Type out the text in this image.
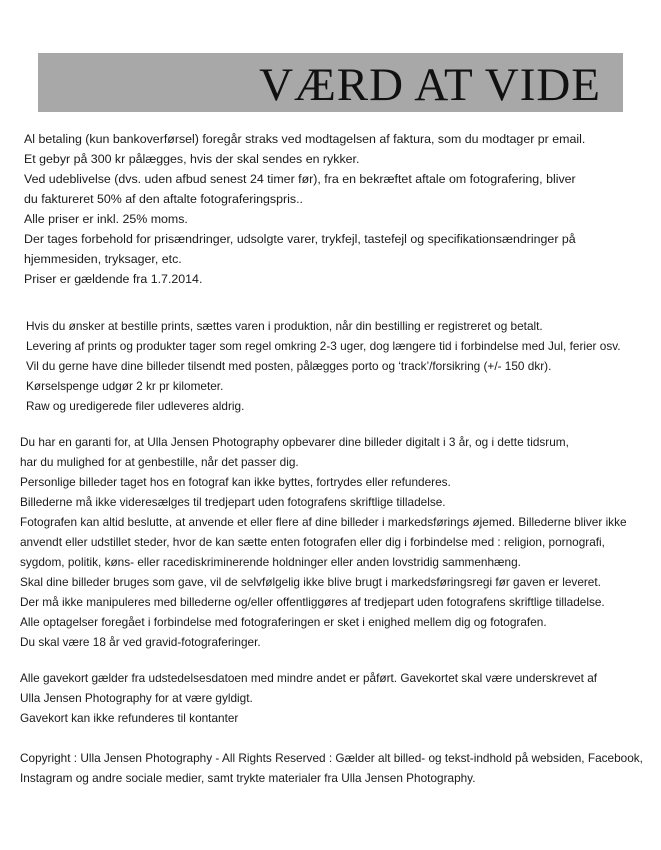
VÆRD AT VIDE
Al betaling (kun bankoverførsel) foregår straks ved modtagelsen af faktura, som du modtager pr email.
Et gebyr på 300 kr pålægges, hvis der skal sendes en rykker.
Ved udeblivelse (dvs. uden afbud senest 24 timer før), fra en bekræftet aftale om fotografering, bliver
du faktureret 50% af den aftalte fotograferingspris..
Alle priser er inkl. 25% moms.
Der tages forbehold for prisændringer, udsolgte varer, trykfejl, tastefejl og specifikationsændringer på
hjemmesiden, tryksager, etc.
Priser er gældende fra 1.7.2014.
Hvis du ønsker at bestille prints, sættes varen i produktion, når din bestilling er registreret og betalt.
Levering af prints og produkter tager som regel omkring 2-3 uger, dog længere tid i forbindelse med Jul, ferier osv.
Vil du gerne have dine billeder tilsendt med posten, pålægges porto og ‘track’/forsikring (+/- 150 dkr).
Kørselspenge udgør 2 kr pr kilometer.
Raw og uredigerede filer udleveres aldrig.
Du har en garanti for, at Ulla Jensen Photography opbevarer dine billeder digitalt i 3 år, og i dette tidsrum,
har du mulighed for at genbestille, når det passer dig.
Personlige billeder taget hos en fotograf kan ikke byttes, fortrydes eller refunderes.
Billederne må ikke videresælges til tredjepart uden fotografens skriftlige tilladelse.
Fotografen kan altid beslutte, at anvende et eller flere af dine billeder i markedsførings øjemed. Billederne bliver ikke
anvendt eller udstillet steder, hvor de kan sætte enten fotografen eller dig i forbindelse med : religion, pornografi,
sygdom, politik, køns- eller racediskriminerende holdninger eller anden lovstridig sammenhæng.
Skal dine billeder bruges som gave, vil de selvfølgelig ikke blive brugt i markedsføringsregi før gaven er leveret.
Der må ikke manipuleres med billederne og/eller offentliggøres af tredjepart uden fotografens skriftlige tilladelse.
Alle optagelser foregået i forbindelse med fotograferingen er sket i enighed mellem dig og fotografen.
Du skal være 18 år ved gravid-fotograferinger.
Alle gavekort gælder fra udstedelsesdatoen med mindre andet er påført. Gavekortet skal være underskrevet af
Ulla Jensen Photography for at være gyldigt.
Gavekort kan ikke refunderes til kontanter
Copyright : Ulla Jensen Photography - All Rights Reserved : Gælder alt billed- og tekst-indhold på websiden, Facebook,
Instagram og andre sociale medier, samt trykte materialer fra Ulla Jensen Photography.
